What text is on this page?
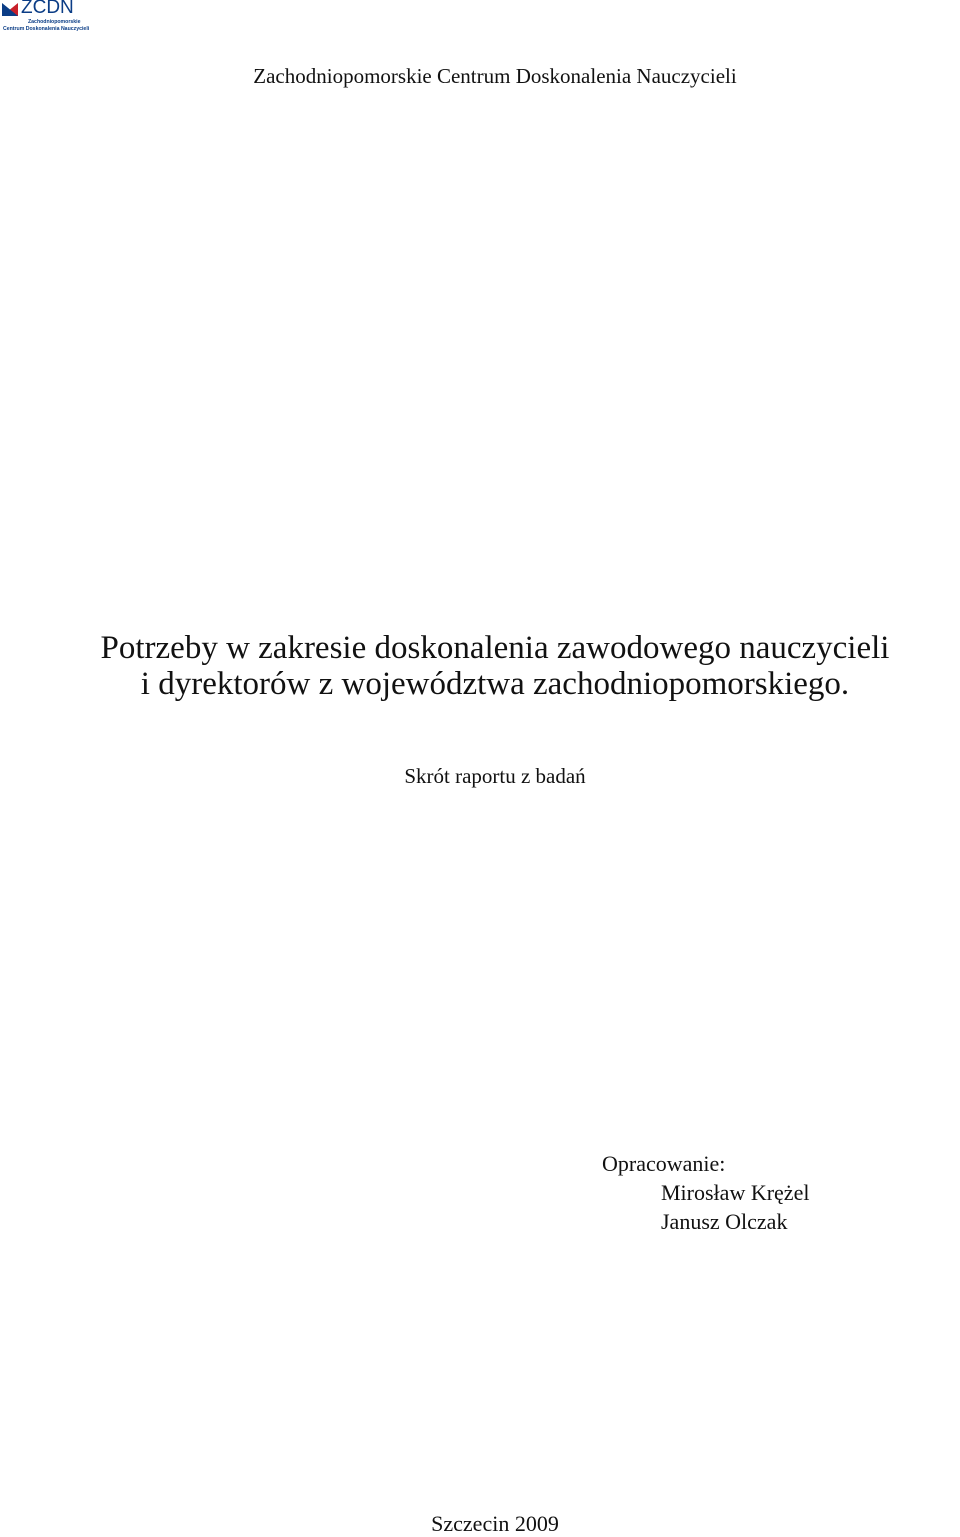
ZCDN
Zachodniopomorskie
Centrum Doskonalenia Nauczycieli
Zachodniopomorskie Centrum Doskonalenia Nauczycieli
Potrzeby w zakresie doskonalenia zawodowego nauczycieli
i dyrektorów z województwa zachodniopomorskiego.
Skrót raportu z badań
Opracowanie:
Mirosław Krężel
Janusz Olczak
Szczecin 2009
